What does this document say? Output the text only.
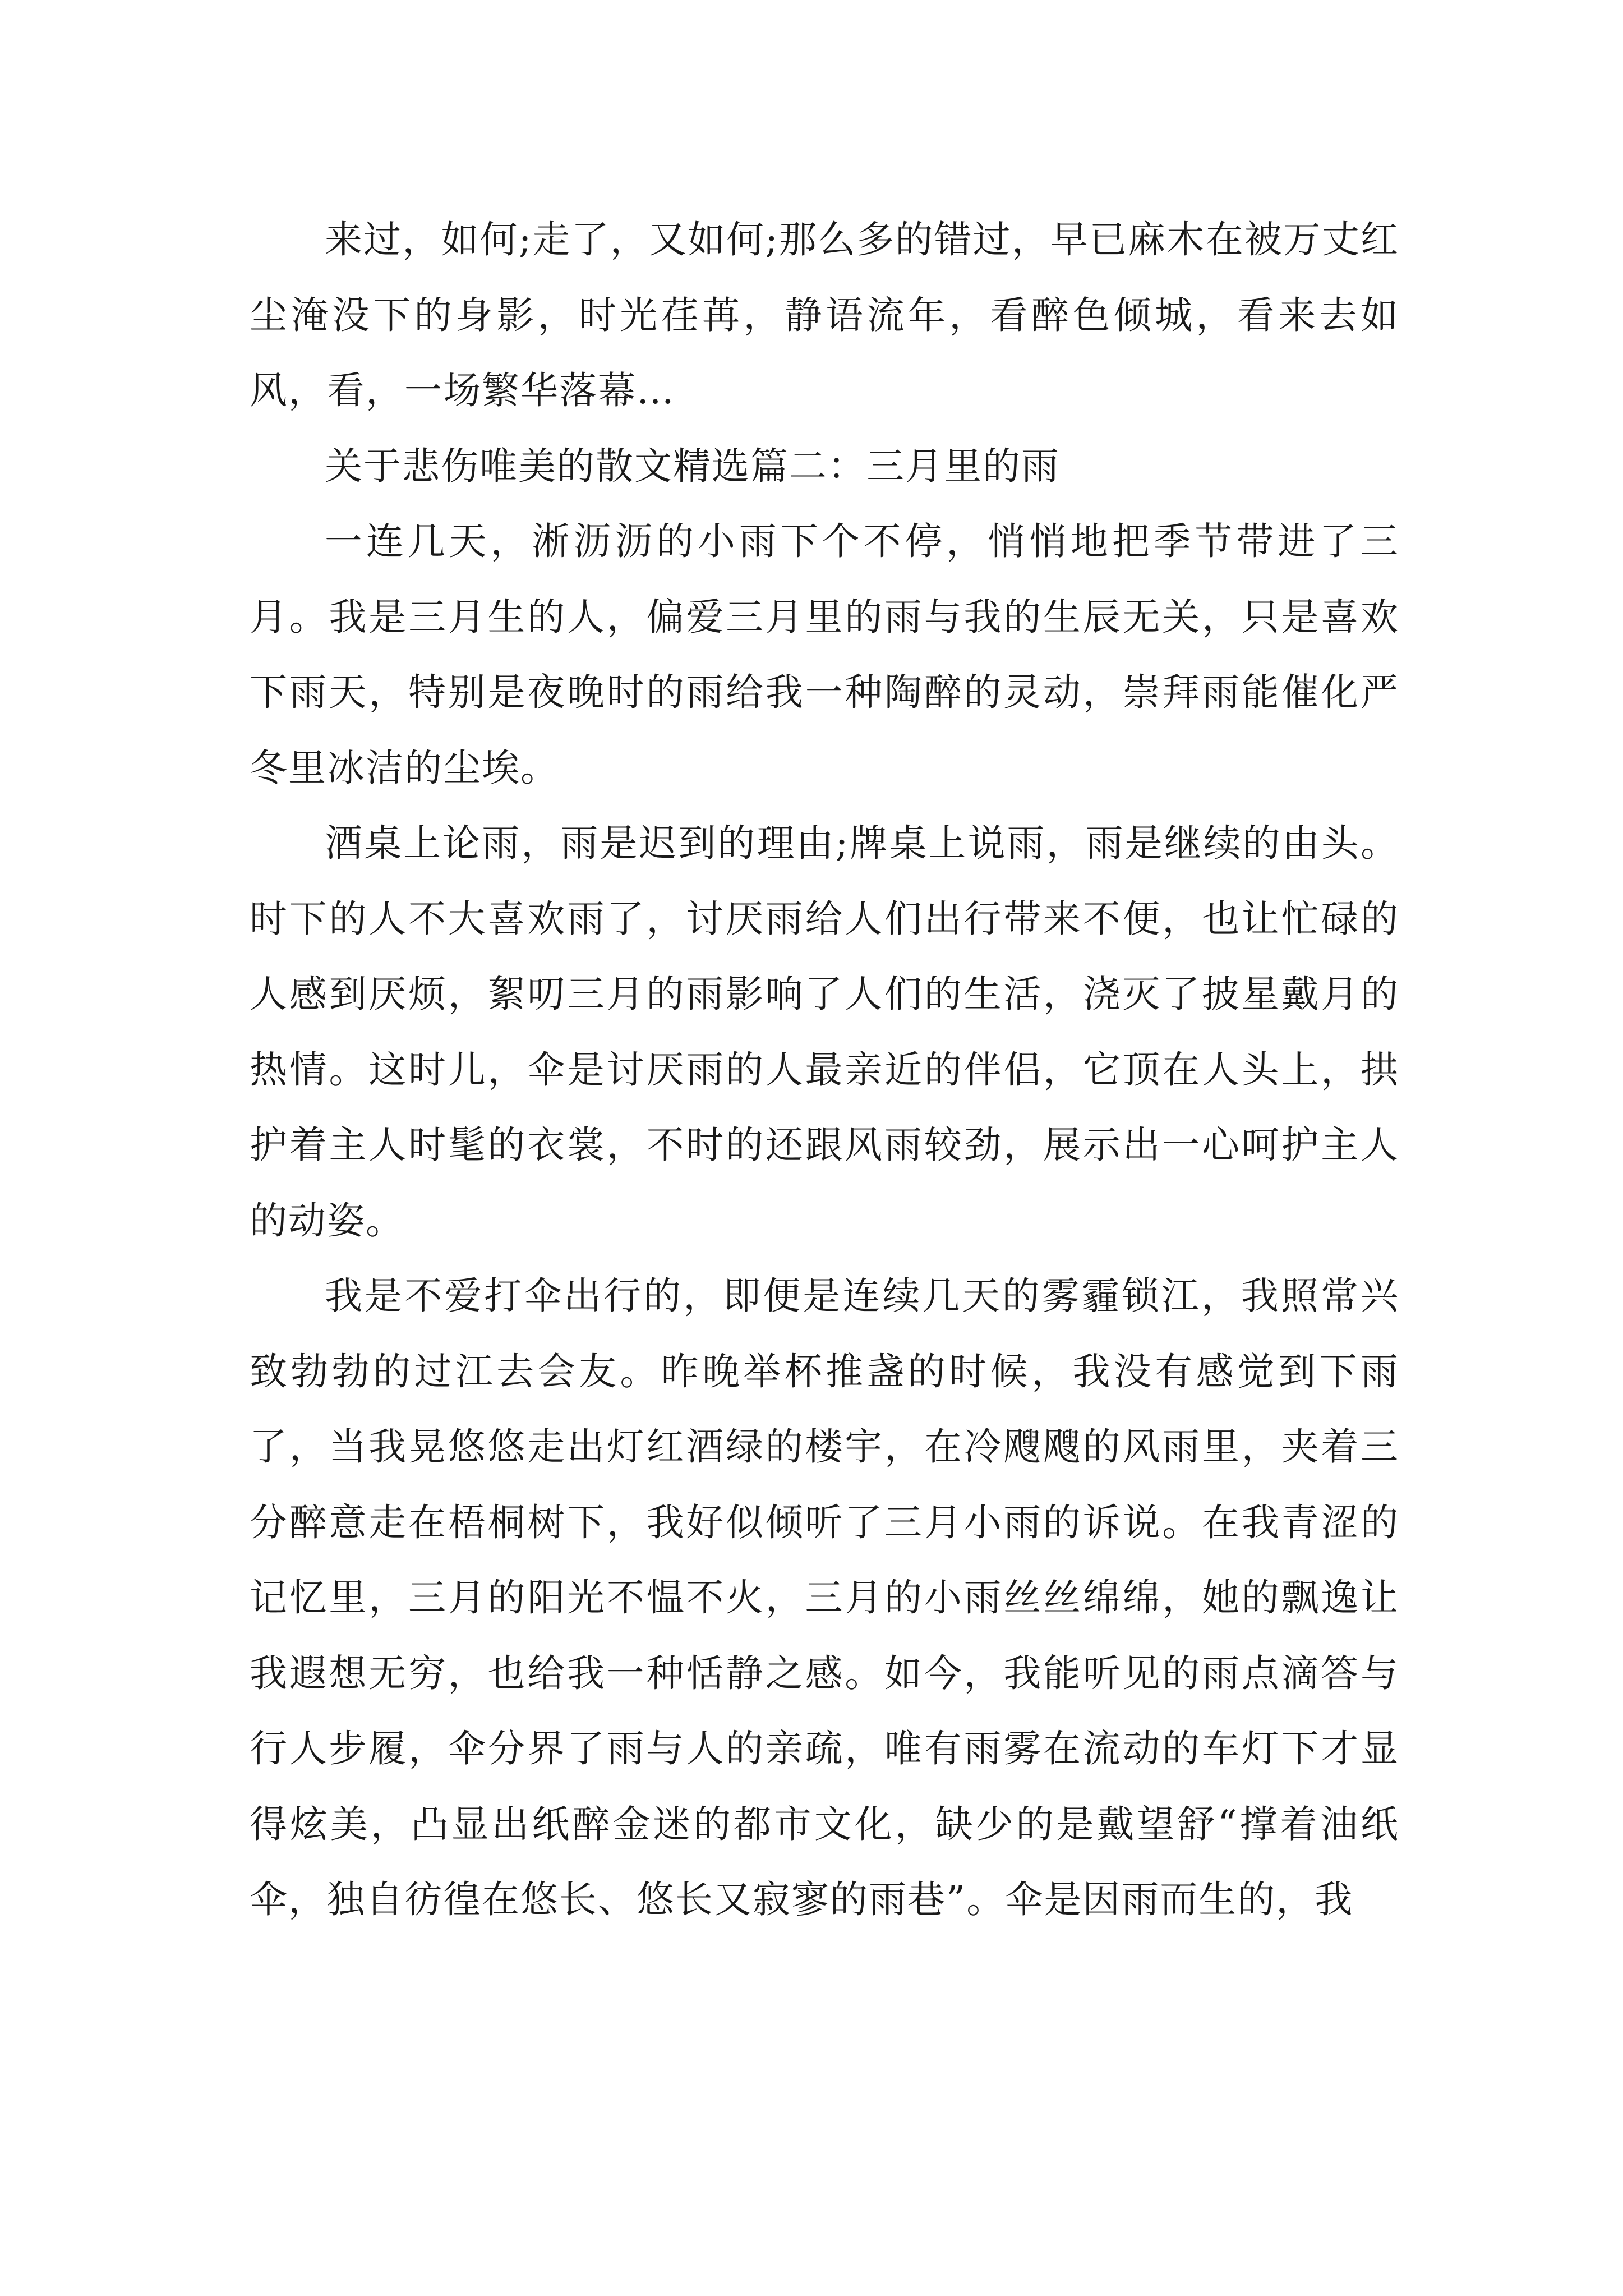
来过，如何;走了，又如何;那么多的错过，早已麻木在被万丈红尘淹没下的身影，时光荏苒，静语流年，看醉色倾城，看来去如风，看，一场繁华落幕…

关于悲伤唯美的散文精选篇二：三月里的雨

一连几天，淅沥沥的小雨下个不停，悄悄地把季节带进了三月。我是三月生的人，偏爱三月里的雨与我的生辰无关，只是喜欢下雨天，特别是夜晚时的雨给我一种陶醉的灵动，崇拜雨能催化严冬里冰洁的尘埃。

酒桌上论雨，雨是迟到的理由;牌桌上说雨，雨是继续的由头。时下的人不大喜欢雨了，讨厌雨给人们出行带来不便，也让忙碌的人感到厌烦，絮叨三月的雨影响了人们的生活，浇灭了披星戴月的热情。这时儿，伞是讨厌雨的人最亲近的伴侣，它顶在人头上，拱护着主人时髦的衣裳，不时的还跟风雨较劲，展示出一心呵护主人的动姿。

我是不爱打伞出行的，即便是连续几天的雾霾锁江，我照常兴致勃勃的过江去会友。昨晚举杯推盏的时候，我没有感觉到下雨了，当我晃悠悠走出灯红酒绿的楼宇，在冷飕飕的风雨里，夹着三分醉意走在梧桐树下，我好似倾听了三月小雨的诉说。在我青涩的记忆里，三月的阳光不愠不火，三月的小雨丝丝绵绵，她的飘逸让我遐想无穷，也给我一种恬静之感。如今，我能听见的雨点滴答与行人步履，伞分界了雨与人的亲疏，唯有雨雾在流动的车灯下才显得炫美，凸显出纸醉金迷的都市文化，缺少的是戴望舒“撑着油纸伞，独自彷徨在悠长、悠长又寂寥的雨巷”。伞是因雨而生的，我
